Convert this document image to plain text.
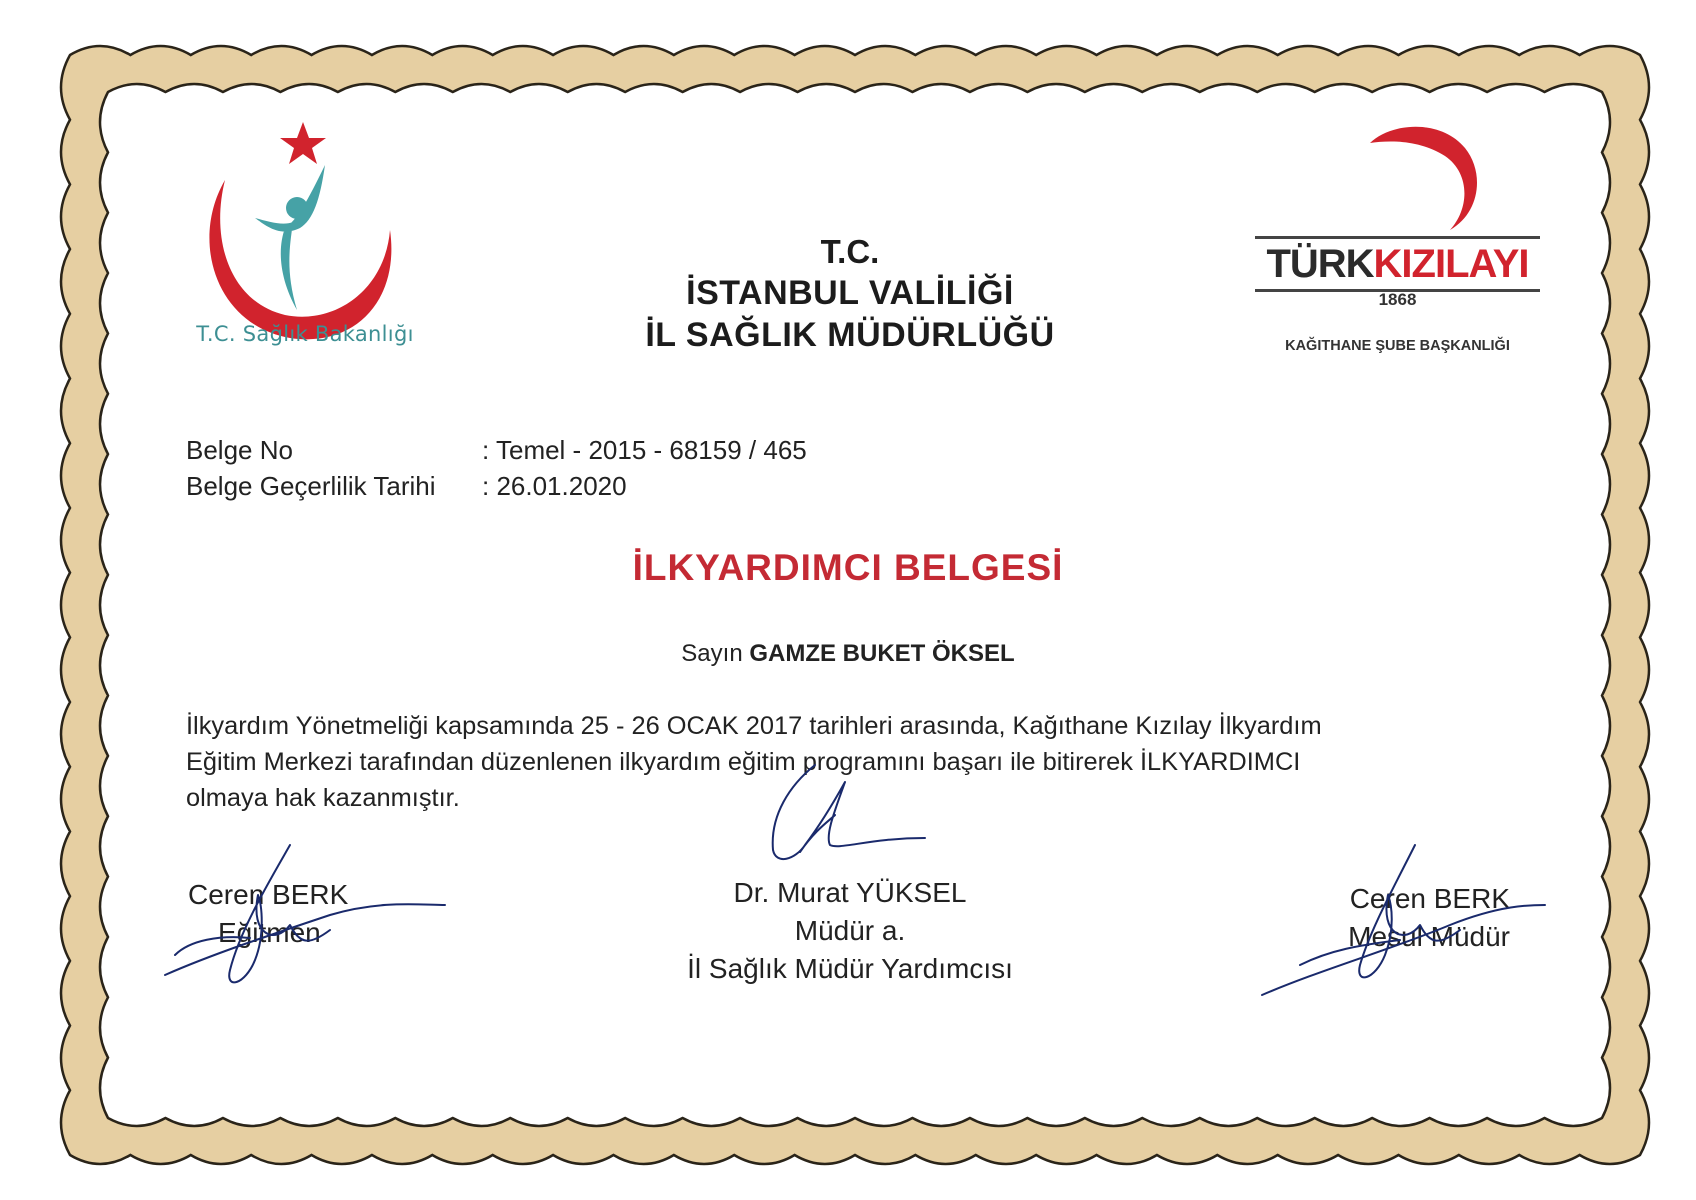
T.C. Sağlık Bakanlığı
T.C.
İSTANBUL VALİLİĞİ
İL SAĞLIK MÜDÜRLÜĞÜ
TÜRKKIZILAYI
1868
KAĞITHANE ŞUBE BAŞKANLIĞI
Belge No	: Temel - 2015 - 68159 / 465
Belge Geçerlilik Tarihi	: 26.01.2020
İLKYARDIMCI BELGESİ
Sayın GAMZE BUKET ÖKSEL
İlkyardım Yönetmeliği kapsamında 25 - 26 OCAK 2017 tarihleri arasında, Kağıthane Kızılay İlkyardım
Eğitim Merkezi tarafından düzenlenen ilkyardım eğitim programını başarı ile bitirerek İLKYARDIMCI
olmaya hak kazanmıştır.
Ceren BERK
Eğitmen
Dr. Murat YÜKSEL
Müdür a.
İl Sağlık Müdür Yardımcısı
Ceren BERK
Mesul Müdür
